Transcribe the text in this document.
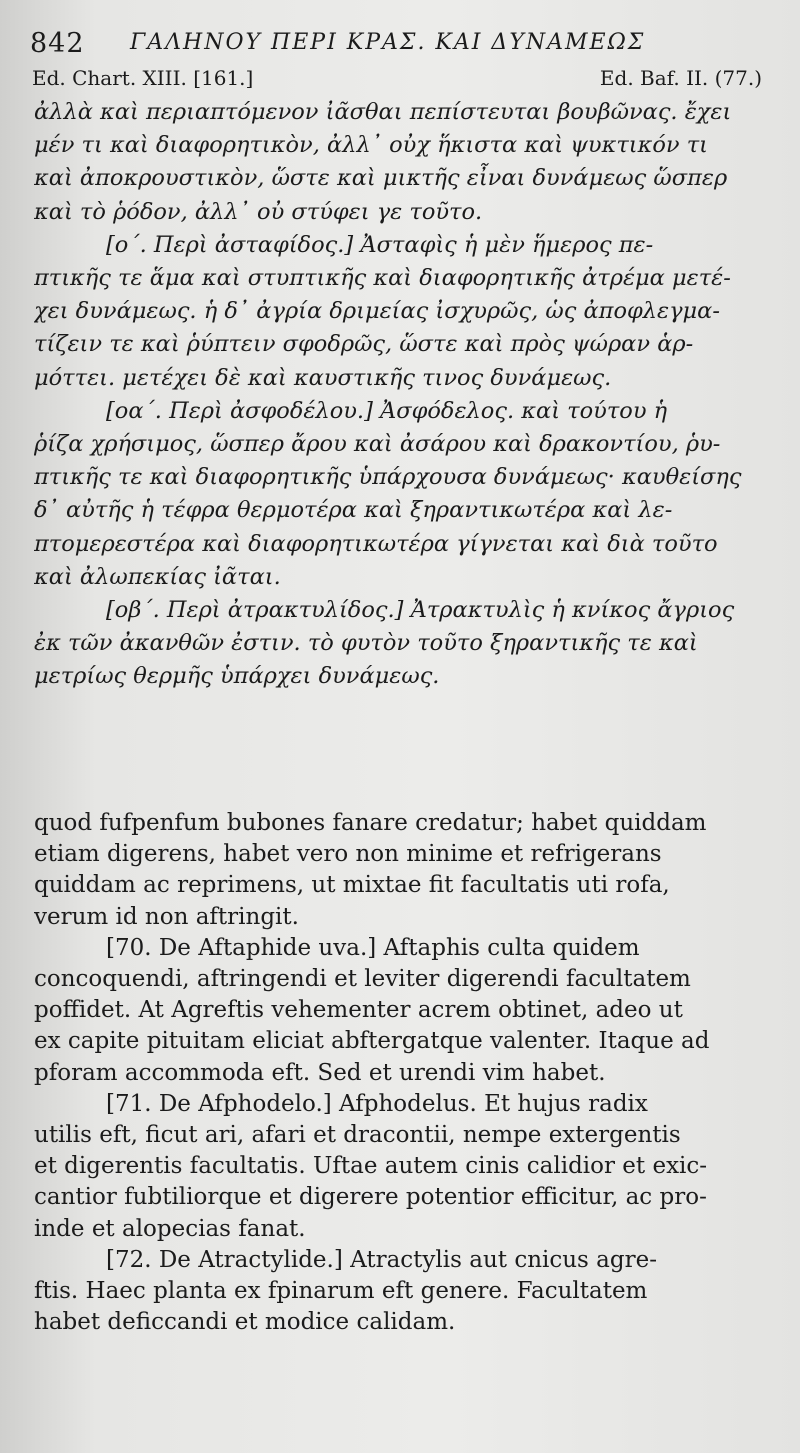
842 ΓΑΛΗΝΟΥ ΠΕΡΙ ΚΡΑΣ. ΚΑΙ ΔΥΝΑΜΕΩΣ
Ed. Chart. XIII. [161.]	Ed. Baf. II. (77.)

ἀλλὰ καὶ περιαπτόμενον ἰᾶσθαι πεπίστευται βουβῶνας. ἔχει
μέν τι καὶ διαφορητικὸν, ἀλλ᾽ οὐχ ἥκιστα καὶ ψυκτικόν τι
καὶ ἀποκρουστικὸν, ὥστε καὶ μικτῆς εἶναι δυνάμεως ὥσπερ
καὶ τὸ ῥόδον, ἀλλ᾽ οὐ στύφει γε τοῦτο.

[ο΄. Περὶ ἀσταφίδος.] Ἀσταφὶς ἡ μὲν ἥμερος πε-
πτικῆς τε ἅμα καὶ στυπτικῆς καὶ διαφορητικῆς ἀτρέμα μετέ-
χει δυνάμεως. ἡ δ᾽ ἀγρία δριμείας ἰσχυρῶς, ὡς ἀποφλεγμα-
τίζειν τε καὶ ῥύπτειν σφοδρῶς, ὥστε καὶ πρὸς ψώραν ἁρ-
μόττει. μετέχει δὲ καὶ καυστικῆς τινος δυνάμεως.

[οα΄. Περὶ ἀσφοδέλου.] Ἀσφόδελος. καὶ τούτου ἡ
ῥίζα χρήσιμος, ὥσπερ ἄρου καὶ ἀσάρου καὶ δρακοντίου, ῥυ-
πτικῆς τε καὶ διαφορητικῆς ὑπάρχουσα δυνάμεως· καυθείσης
δ᾽ αὐτῆς ἡ τέφρα θερμοτέρα καὶ ξηραντικωτέρα καὶ λε-
πτομερεστέρα καὶ διαφορητικωτέρα γίγνεται καὶ διὰ τοῦτο
καὶ ἀλωπεκίας ἰᾶται.

[οβ΄. Περὶ ἀτρακτυλίδος.] Ἀτρακτυλὶς ἡ κνίκος ἄγριος
ἐκ τῶν ἀκανθῶν ἐστιν. τὸ φυτὸν τοῦτο ξηραντικῆς τε καὶ
μετρίως θερμῆς ὑπάρχει δυνάμεως.

quod fufpenfum bubones fanare credatur; habet quiddam
etiam digerens, habet vero non minime et refrigerans
quiddam ac reprimens, ut mixtae fit facultatis uti rofa,
verum id non aftringit.

[70. De Aftaphide uva.] Aftaphis culta quidem
concoquendi, aftringendi et leviter digerendi facultatem
poffidet. At Agreftis vehementer acrem obtinet, adeo ut
ex capite pituitam eliciat abftergatque valenter. Itaque ad
pforam accommoda eft. Sed et urendi vim habet.

[71. De Afphodelo.] Afphodelus. Et hujus radix
utilis eft, ficut ari, afari et dracontii, nempe extergentis
et digerentis facultatis. Uftae autem cinis calidior et exic-
cantior fubtiliorque et digerere potentior efficitur, ac pro-
inde et alopecias fanat.

[72. De Atractylide.] Atractylis aut cnicus agre-
ftis. Haec planta ex fpinarum eft genere. Facultatem
habet deficcandi et modice calidam.
